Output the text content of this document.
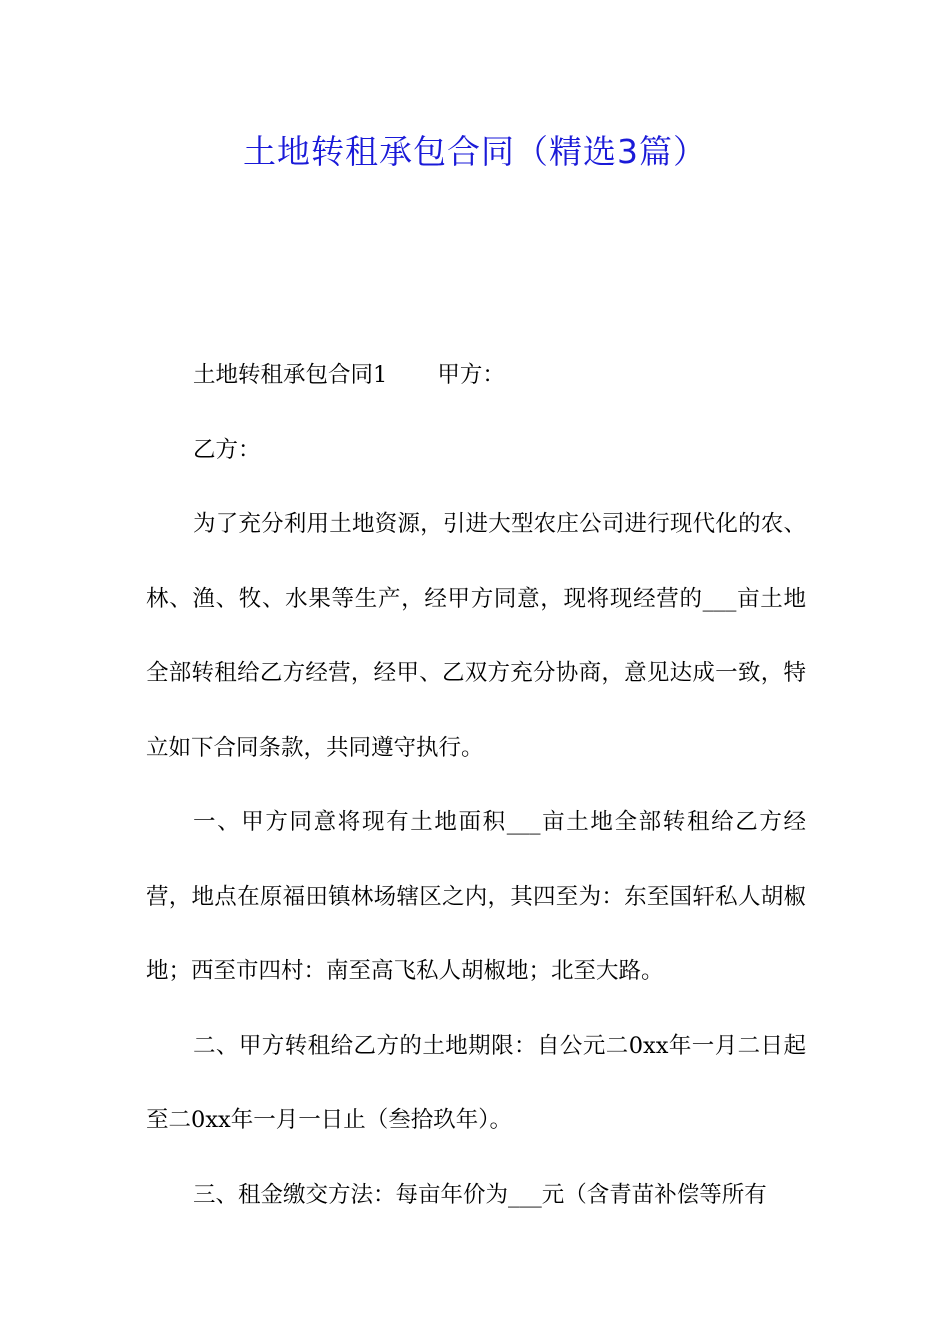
土地转租承包合同（精选3篇）

土地转租承包合同1 甲方：

乙方：

为了充分利用土地资源，引进大型农庄公司进行现代化的农、林、渔、牧、水果等生产，经甲方同意，现将现经营的___亩土地全部转租给乙方经营，经甲、乙双方充分协商，意见达成一致，特立如下合同条款，共同遵守执行。

一、甲方同意将现有土地面积___亩土地全部转租给乙方经营，地点在原福田镇林场辖区之内，其四至为：东至国轩私人胡椒地；西至市四村：南至高飞私人胡椒地；北至大路。

二、甲方转租给乙方的土地期限：自公元二0xx年一月二日起至二0xx年一月一日止（叁拾玖年）。

三、租金缴交方法：每亩年价为___元（含青苗补偿等所有
